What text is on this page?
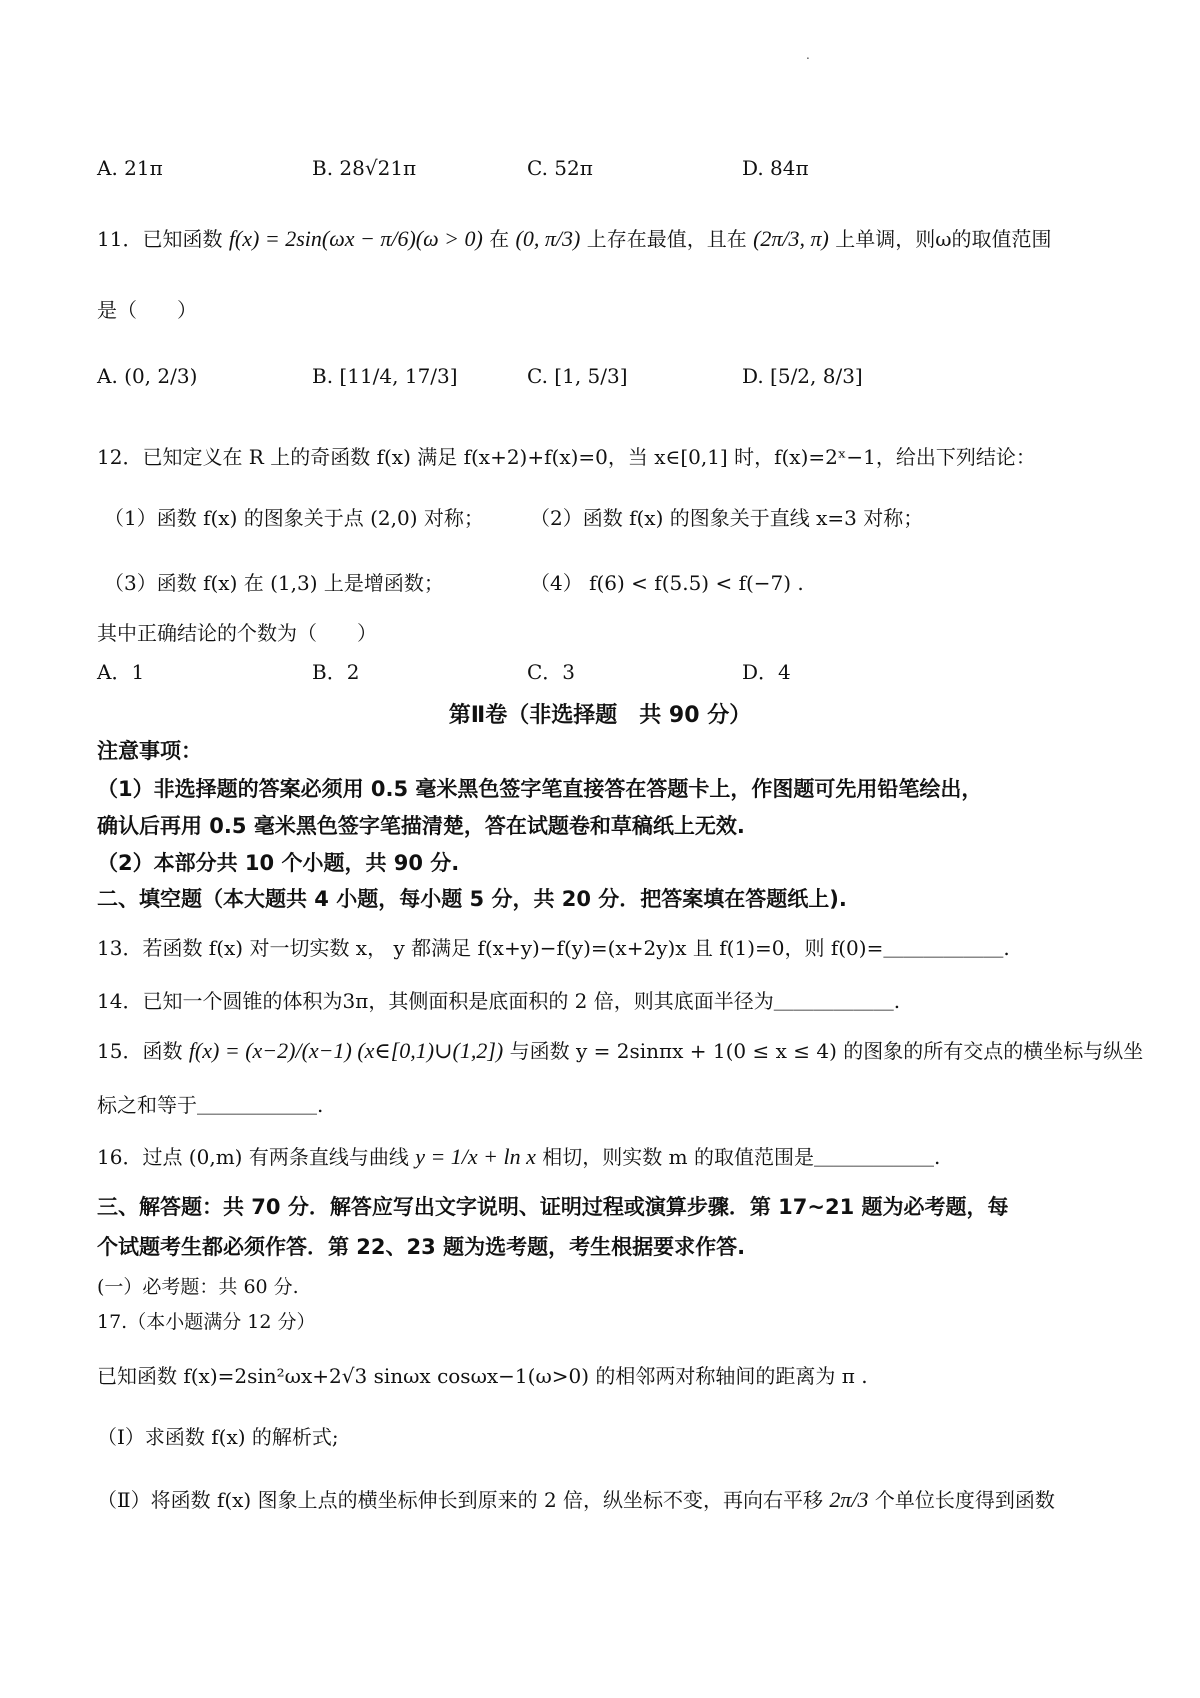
.
A. 21π	B. 28√21π	C. 52π	D. 84π
11．已知函数 f(x) = 2sin(ωx − π/6)(ω > 0) 在 (0, π/3) 上存在最值，且在 (2π/3, π) 上单调，则ω的取值范围
是（　　）
A. (0, 2/3)	B. [11/4, 17/3]	C. [1, 5/3]	D. [5/2, 8/3]
12．已知定义在 R 上的奇函数 f(x) 满足 f(x+2)+f(x)=0，当 x∈[0,1] 时，f(x)=2ˣ−1，给出下列结论：
（1）函数 f(x) 的图象关于点 (2,0) 对称； （2）函数 f(x) 的图象关于直线 x=3 对称；
（3）函数 f(x) 在 (1,3) 上是增函数；	（4） f(6) < f(5.5) < f(−7) .
其中正确结论的个数为（　　）
A．1	B．2	C．3	D．4
第Ⅱ卷（非选择题　共 90 分）
注意事项：
（1）非选择题的答案必须用 0.5 毫米黑色签字笔直接答在答题卡上，作图题可先用铅笔绘出，
确认后再用 0.5 毫米黑色签字笔描清楚，答在试题卷和草稿纸上无效.
（2）本部分共 10 个小题，共 90 分.
二、填空题（本大题共 4 小题，每小题 5 分，共 20 分．把答案填在答题纸上).
13．若函数 f(x) 对一切实数 x， y 都满足 f(x+y)−f(y)=(x+2y)x 且 f(1)=0，则 f(0)=＿＿＿＿＿＿.
14．已知一个圆锥的体积为3π，其侧面积是底面积的 2 倍，则其底面半径为＿＿＿＿＿＿.
15．函数 f(x) = (x−2)/(x−1) (x∈[0,1)∪(1,2]) 与函数 y = 2sinπx + 1(0 ≤ x ≤ 4) 的图象的所有交点的横坐标与纵坐
标之和等于＿＿＿＿＿＿.
16．过点 (0,m) 有两条直线与曲线 y = 1/x + ln x 相切，则实数 m 的取值范围是＿＿＿＿＿＿.
三、解答题：共 70 分．解答应写出文字说明、证明过程或演算步骤．第 17~21 题为必考题，每
个试题考生都必须作答．第 22、23 题为选考题，考生根据要求作答.
(一）必考题：共 60 分.
17.（本小题满分 12 分）
已知函数 f(x)=2sin²ωx+2√3 sinωx cosωx−1(ω>0) 的相邻两对称轴间的距离为 π .
（Ⅰ）求函数 f(x) 的解析式;
（Ⅱ）将函数 f(x) 图象上点的横坐标伸长到原来的 2 倍，纵坐标不变，再向右平移 2π/3 个单位长度得到函数
